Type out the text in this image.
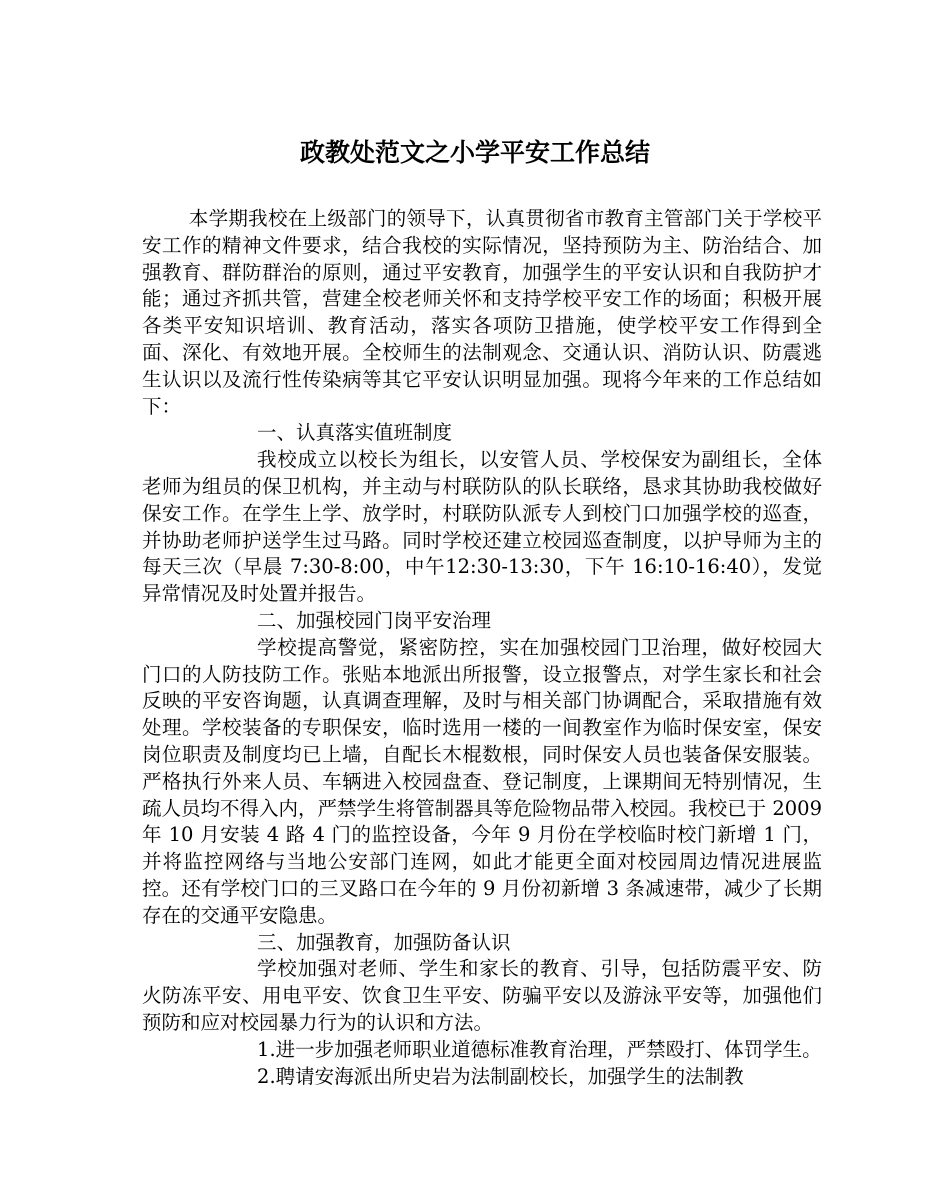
政教处范文之小学平安工作总结

本学期我校在上级部门的领导下，认真贯彻省市教育主管部门关于学校平安工作的精神文件要求，结合我校的实际情况，坚持预防为主、防治结合、加强教育、群防群治的原则，通过平安教育，加强学生的平安认识和自我防护才能；通过齐抓共管，营建全校老师关怀和支持学校平安工作的场面；积极开展各类平安知识培训、教育活动，落实各项防卫措施，使学校平安工作得到全面、深化、有效地开展。全校师生的法制观念、交通认识、消防认识、防震逃生认识以及流行性传染病等其它平安认识明显加强。现将今年来的工作总结如下：

一、认真落实值班制度

我校成立以校长为组长，以安管人员、学校保安为副组长，全体老师为组员的保卫机构，并主动与村联防队的队长联络，恳求其协助我校做好保安工作。在学生上学、放学时，村联防队派专人到校门口加强学校的巡查，并协助老师护送学生过马路。同时学校还建立校园巡查制度，以护导师为主的每天三次（早晨 7:30-8:00，中午12:30-13:30，下午 16:10-16:40），发觉异常情况及时处置并报告。

二、加强校园门岗平安治理

学校提高警觉，紧密防控，实在加强校园门卫治理，做好校园大门口的人防技防工作。张贴本地派出所报警，设立报警点，对学生家长和社会反映的平安咨询题，认真调查理解，及时与相关部门协调配合，采取措施有效处理。学校装备的专职保安，临时选用一楼的一间教室作为临时保安室，保安岗位职责及制度均已上墙，自配长木棍数根，同时保安人员也装备保安服装。严格执行外来人员、车辆进入校园盘查、登记制度，上课期间无特别情况，生疏人员均不得入内，严禁学生将管制器具等危险物品带入校园。我校已于 2009 年 10 月安装 4 路 4 门的监控设备，今年 9 月份在学校临时校门新增 1 门，并将监控网络与当地公安部门连网，如此才能更全面对校园周边情况进展监控。还有学校门口的三叉路口在今年的 9 月份初新增 3 条减速带，减少了长期存在的交通平安隐患。

三、加强教育，加强防备认识

学校加强对老师、学生和家长的教育、引导，包括防震平安、防火防冻平安、用电平安、饮食卫生平安、防骗平安以及游泳平安等，加强他们预防和应对校园暴力行为的认识和方法。

1.进一步加强老师职业道德标准教育治理，严禁殴打、体罚学生。

2.聘请安海派出所史岩为法制副校长，加强学生的法制教
